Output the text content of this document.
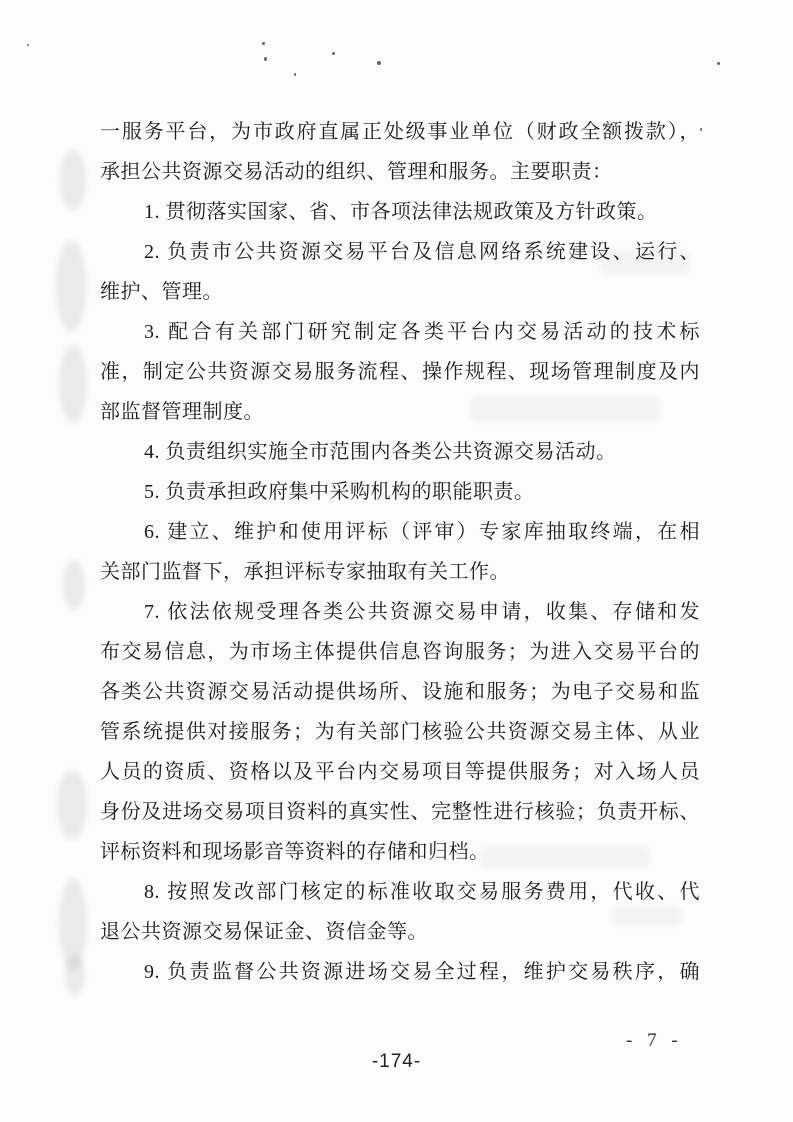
一服务平台，为市政府直属正处级事业单位（财政全额拨款），
承担公共资源交易活动的组织、管理和服务。主要职责：
1. 贯彻落实国家、省、市各项法律法规政策及方针政策。
2. 负责市公共资源交易平台及信息网络系统建设、运行、
维护、管理。
3. 配合有关部门研究制定各类平台内交易活动的技术标
准，制定公共资源交易服务流程、操作规程、现场管理制度及内
部监督管理制度。
4. 负责组织实施全市范围内各类公共资源交易活动。
5. 负责承担政府集中采购机构的职能职责。
6. 建立、维护和使用评标（评审）专家库抽取终端，在相
关部门监督下，承担评标专家抽取有关工作。
7. 依法依规受理各类公共资源交易申请，收集、存储和发
布交易信息，为市场主体提供信息咨询服务；为进入交易平台的
各类公共资源交易活动提供场所、设施和服务；为电子交易和监
管系统提供对接服务；为有关部门核验公共资源交易主体、从业
人员的资质、资格以及平台内交易项目等提供服务；对入场人员
身份及进场交易项目资料的真实性、完整性进行核验；负责开标、
评标资料和现场影音等资料的存储和归档。
8. 按照发改部门核定的标准收取交易服务费用，代收、代
退公共资源交易保证金、资信金等。
9. 负责监督公共资源进场交易全过程，维护交易秩序，确
-174-
- 7 -
